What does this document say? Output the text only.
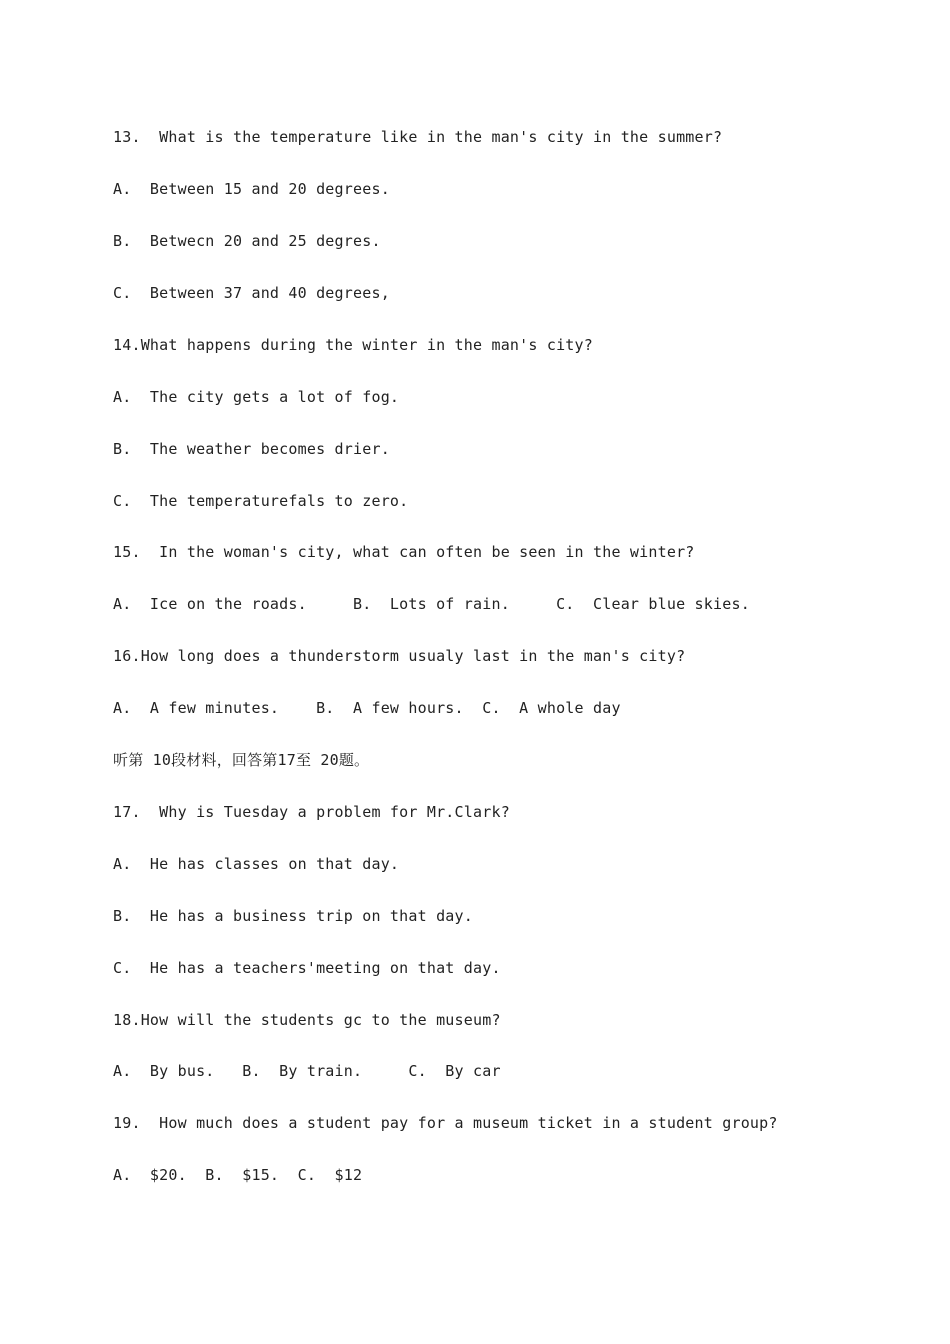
13.  What is the temperature like in the man's city in the summer?
A.  Between 15 and 20 degrees.
B.  Betwecn 20 and 25 degres.
C.  Between 37 and 40 degrees,
14.What happens during the winter in the man's city?
A.  The city gets a lot of fog.
B.  The weather becomes drier.
C.  The temperaturefals to zero.
15.  In the woman's city, what can often be seen in the winter?
A.  Ice on the roads.     B.  Lots of rain.     C.  Clear blue skies.
16.How long does a thunderstorm usualy last in the man's city?
A.  A few minutes.    B.  A few hours.  C.  A whole day
听第 10段材料，回答第17至 20题。
17.  Why is Tuesday a problem for Mr.Clark?
A.  He has classes on that day.
B.  He has a business trip on that day.
C.  He has a teachers'meeting on that day.
18.How will the students gc to the museum?
A.  By bus.   B.  By train.     C.  By car
19.  How much does a student pay for a museum ticket in a student group?
A.  $20.  B.  $15.  C.  $12
